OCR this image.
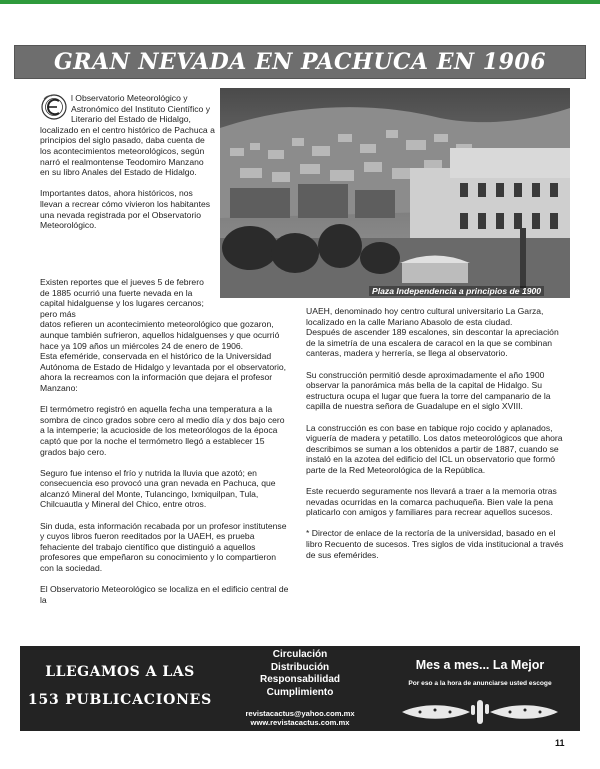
GRAN NEVADA EN PACHUCA EN 1906

l Observatorio Meteorológico y Astronómico del Instituto Científico y Literario del Estado de Hidalgo, localizado en el centro histórico de Pachuca a principios del siglo pasado, daba cuenta de los acontecimientos meteorológicos, según narró el realmontense Teodomiro Manzano en su libro Anales del Estado de Hidalgo.

Importantes datos, ahora históricos, nos llevan a recrear cómo vivieron los habitantes una nevada registrada por el Observatorio Meteorológico.

Plaza Independencia a principios de 1900

Existen reportes que el jueves 5 de febrero de 1885 ocurrió una fuerte nevada en la capital hidalguense y los lugares cercanos; pero más

datos refieren un acontecimiento meteorológico que gozaron, aunque también sufrieron, aquellos hidalguenses y que ocurrió hace ya 109 años un miércoles 24 de enero de 1906.

Esta efeméride, conservada en el histórico de la Universidad Autónoma de Estado de Hidalgo y levantada por el observatorio, ahora la recreamos con la información que dejara el profesor Manzano:

El termómetro registró en aquella fecha una temperatura a la sombra de cinco grados sobre cero al medio día y dos bajo cero a la intemperie; la acucioside de los meteorólogos de la época captó que por la noche el termómetro llegó a establecer 15 grados bajo cero.

Seguro fue intenso el frío y nutrida la lluvia que azotó; en consecuencia eso provocó una gran nevada en Pachuca, que alcanzó Mineral del Monte, Tulancingo, Ixmiquilpan, Tula, Chilcuautla y Mineral del Chico, entre otros.

Sin duda, esta información recabada por un profesor institutense y cuyos libros fueron reeditados por la UAEH, es prueba fehaciente del trabajo científico que distinguió a aquellos profesores que empeñaron su conocimiento y lo compartieron con la sociedad.

El Observatorio Meteorológico se localiza en el edificio central de la

UAEH, denominado hoy centro cultural universitario La Garza, localizado en la calle Mariano Abasolo de esta ciudad.

Después de ascender 189 escalones, sin descontar la apreciación de la simetría de una escalera de caracol en la que se combinan canteras, madera y herrería, se llega al observatorio.

Su construcción permitió desde aproximadamente el año 1900 observar la panorámica más bella de la capital de Hidalgo. Su estructura ocupa el lugar que fuera la torre del campanario de la capilla de nuestra señora de Guadalupe en el siglo XVIII.

La construcción es con base en tabique rojo cocido y aplanados, viguería de madera y petatillo. Los datos meteorológicos que ahora describimos se suman a los obtenidos a partir de 1887, cuando se instaló en la azotea del edificio del ICL un observatorio que formó parte de la Red Meteorológica de la República.

Este recuerdo seguramente nos llevará a traer a la memoria otras nevadas ocurridas en la comarca pachuqueña. Bien vale la pena platicarlo con amigos y familiares para recrear aquellos sucesos.

* Director de enlace de la rectoría de la universidad, basado en el libro Recuento de sucesos. Tres siglos de vida institucional a través de sus efemérides.

LLEGAMOS A LAS
153 PUBLICACIONES
Circulación
Distribución
Responsabilidad
Cumplimiento
revistacactus@yahoo.com.mx
www.revistacactus.com.mx
Mes a mes... La Mejor
Por eso a la hora de anunciarse usted escoge
11
